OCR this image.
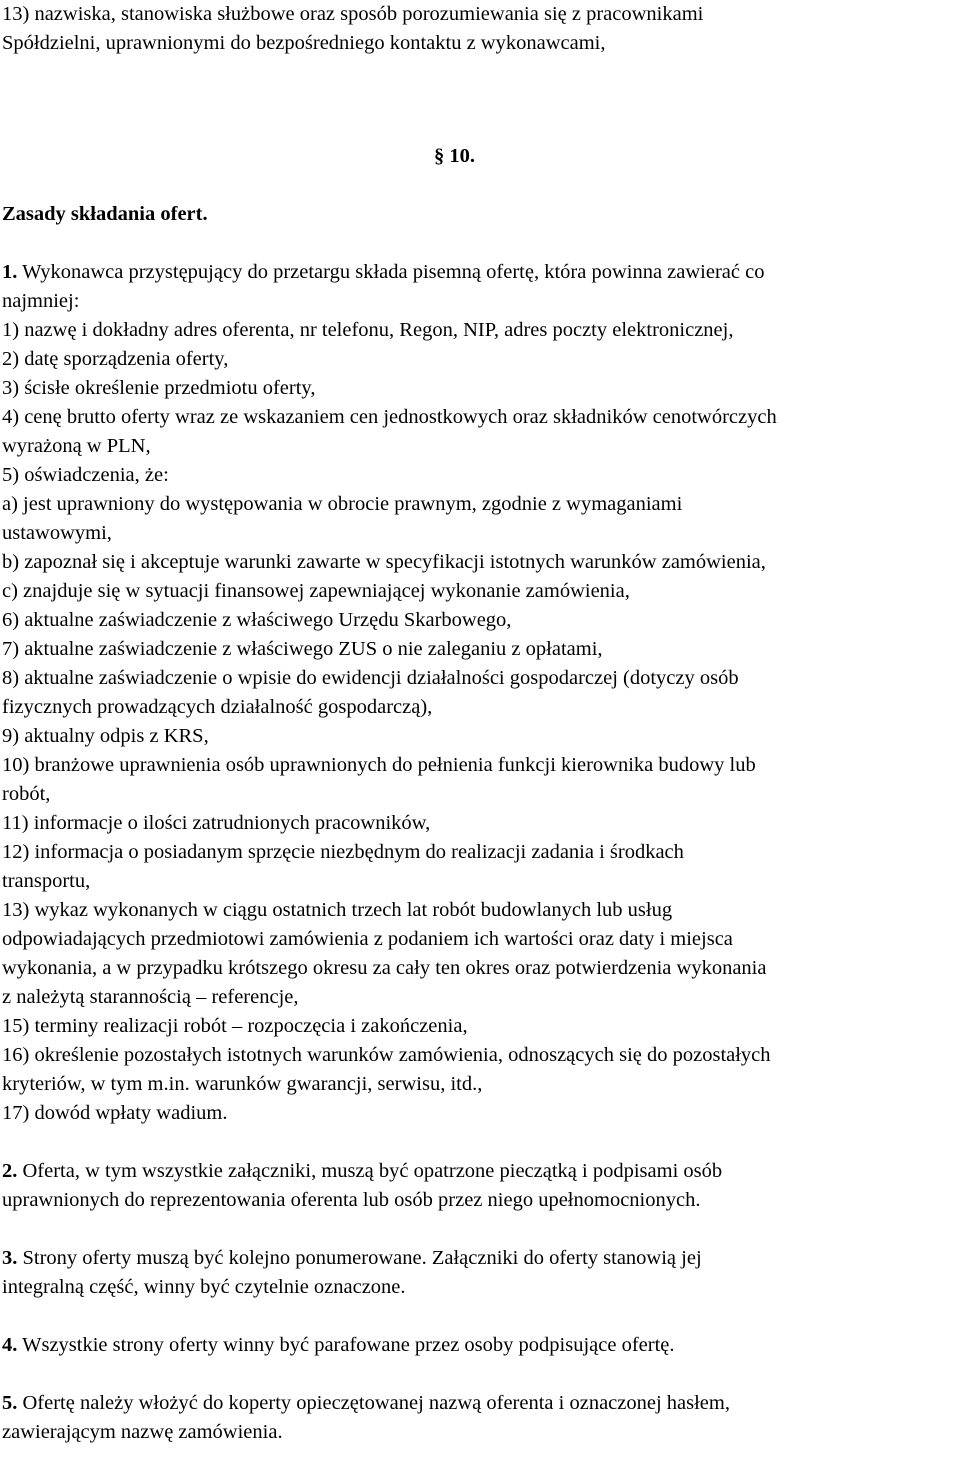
13) nazwiska, stanowiska służbowe oraz sposób porozumiewania się z pracownikami
Spółdzielni, uprawnionymi do bezpośredniego kontaktu z wykonawcami,
§ 10.
Zasady składania ofert.
1. Wykonawca przystępujący do przetargu składa pisemną ofertę, która powinna zawierać co
najmniej:
1) nazwę i dokładny adres oferenta, nr telefonu, Regon, NIP, adres poczty elektronicznej,
2) datę sporządzenia oferty,
3) ścisłe określenie przedmiotu oferty,
4) cenę brutto oferty wraz ze wskazaniem cen jednostkowych oraz składników cenotwórczych
wyrażoną w PLN,
5) oświadczenia, że:
a) jest uprawniony do występowania w obrocie prawnym, zgodnie z wymaganiami
ustawowymi,
b) zapoznał się i akceptuje warunki zawarte w specyfikacji istotnych warunków zamówienia,
c) znajduje się w sytuacji finansowej zapewniającej wykonanie zamówienia,
6) aktualne zaświadczenie z właściwego Urzędu Skarbowego,
7) aktualne zaświadczenie z właściwego ZUS o nie zaleganiu z opłatami,
8) aktualne zaświadczenie o wpisie do ewidencji działalności gospodarczej (dotyczy osób
fizycznych prowadzących działalność gospodarczą),
9) aktualny odpis z KRS,
10) branżowe uprawnienia osób uprawnionych do pełnienia funkcji kierownika budowy lub
robót,
11) informacje o ilości zatrudnionych pracowników,
12) informacja o posiadanym sprzęcie niezbędnym do realizacji zadania i środkach
transportu,
13) wykaz wykonanych w ciągu ostatnich trzech lat robót budowlanych lub usług
odpowiadających przedmiotowi zamówienia z podaniem ich wartości oraz daty i miejsca
wykonania, a w przypadku krótszego okresu za cały ten okres oraz potwierdzenia wykonania
z należytą starannością – referencje,
15) terminy realizacji robót – rozpoczęcia i zakończenia,
16) określenie pozostałych istotnych warunków zamówienia, odnoszących się do pozostałych
kryteriów, w tym m.in. warunków gwarancji, serwisu, itd.,
17) dowód wpłaty wadium.
2. Oferta, w tym wszystkie załączniki, muszą być opatrzone pieczątką i podpisami osób
uprawnionych do reprezentowania oferenta lub osób przez niego upełnomocnionych.
3. Strony oferty muszą być kolejno ponumerowane. Załączniki do oferty stanowią jej
integralną część, winny być czytelnie oznaczone.
4. Wszystkie strony oferty winny być parafowane przez osoby podpisujące ofertę.
5. Ofertę należy włożyć do koperty opieczętowanej nazwą oferenta i oznaczonej hasłem,
zawierającym nazwę zamówienia.
